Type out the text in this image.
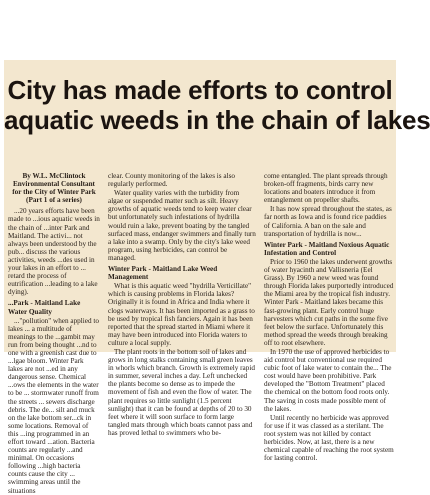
City has made efforts to control
aquatic weeds in the chain of lakes
By W.L. McClintock
Environmental Consultant
for the City of Winter Park
(Part 1 of a series)

...20 years efforts have been made to ...ious aquatic weeds in the chain of ...inter Park and Maitland. The activi... not always been understood by the pub... discuss the various activities, weeds ...des used in your lakes in an effort to ... retard the process of eutrification ...leading to a lake dying).

...Park - Maitland Lake Water Quality

..."pollution" when applied to lakes ... a multitude of meanings to the ...gambit may run from being thought ...nd to one with a greenish cast due to ...lgae bloom. Winter Park lakes are not ...ed in any dangerous sense. Chemical ...ows the elements in the water to be ... stormwater runoff from the streets ... sewers discharge debris. The de... silt and muck on the lake bottom ser...ck in some locations. Removal of this ...ing programmed in an effort toward ...ation. Bacteria counts are regularly ...and minimal. On occasions following ...high bacteria counts cause the city ... swimming areas until the situations

clear. County monitoring of the lakes is also regularly performed.

Water quality varies with the turbidity from algae or suspended matter such as silt. Heavy growths of aquatic weeds tend to keep water clear but unfortunately such infestations of hydrilla would ruin a lake, prevent boating by the tangled surfaced mass, endanger swimmers and finally turn a lake into a swamp. Only by the city's lake weed program, using herbicides, can control be managed.

Winter Park - Maitland Lake Weed Management

What is this aquatic weed "hydrilla Verticillate" which is causing problems in Florida lakes? Originally it is found in Africa and India where it clogs waterways. It has been imported as a grass to be used by tropical fish fanciers. Again it has been reported that the spread started in Miami where it may have been introduced into Florida waters to culture a local supply.

The plant roots in the bottom soil of lakes and grows in long stalks containing small green leaves in whorls which branch. Growth is extremely rapid in summer, several inches a day. Left unchecked the plants become so dense as to impede the movement of fish and even the flow of water. The plant requires so little sunlight (1.5 percent sunlight) that it can be found at depths of 20 to 30 feet where it will soon surface to form large tangled mats through which boats cannot pass and has proved lethal to swimmers who be-

come entangled. The plant spreads through broken-off fragments, birds carry new locations and boaters introduce it from entanglement on propeller shafts.

It has now spread throughout the states, as far north as Iowa and is found rice paddies of California. A ban on the sale and transportation of hydrilla is now...

Winter Park - Maitland Noxious Aquatic Infestation and Control

Prior to 1960 the lakes underwent growths of water hyacinth and Vallisneria (Eel Grass). By 1960 a new weed was found through Florida lakes purportedly introduced the Miami area by the tropical fish industry. Winter Park - Maitland lakes became this fast-growing plant. Early control huge harvesters which cut paths in the some five feet below the surface. Unfortunately this method spread the weeds through breaking off to root elsewhere.

In 1970 the use of approved herbicides to aid control but conventional use required cubic foot of lake water to contain the... The cost would have been prohibitive. Park developed the "Bottom Treatment" placed the chemical on the bottom food roots only. The saving in costs made possible ment of the lakes.

Until recently no herbicide was approved for use if it was classed as a sterilant. The root system was not killed by contact herbicides. Now, at last, there is a new chemical capable of reaching the root system for lasting control.
